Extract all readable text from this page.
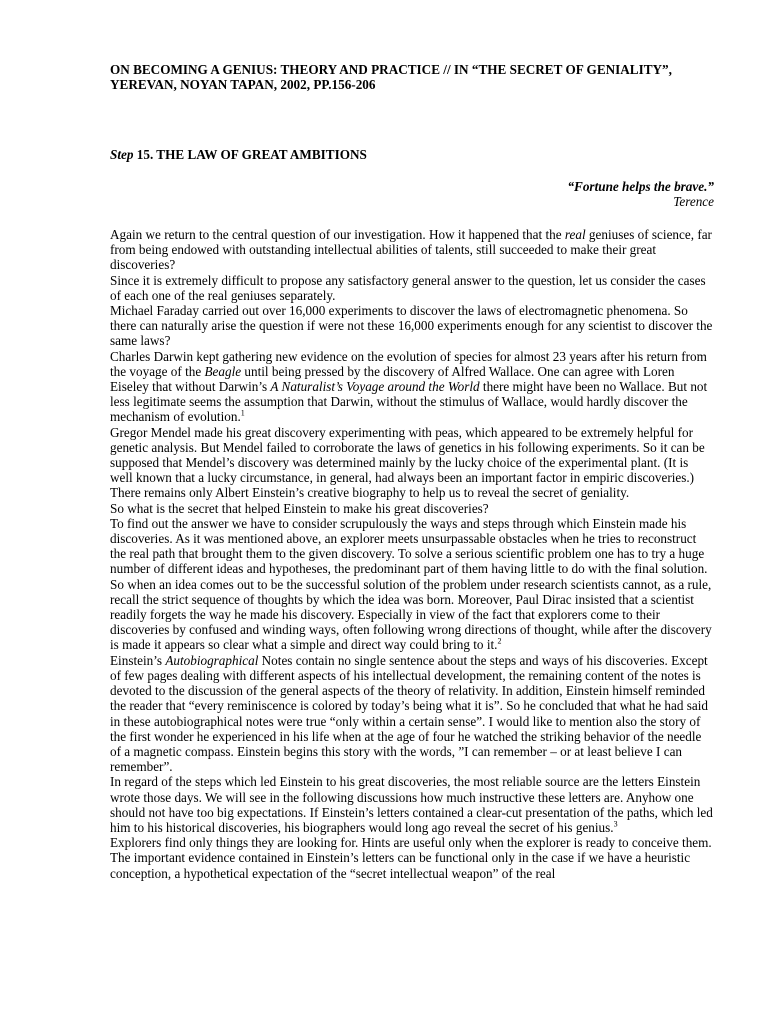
ON BECOMING A GENIUS: THEORY AND PRACTICE // IN “THE SECRET OF GENIALITY”, YEREVAN, NOYAN TAPAN, 2002, PP.156-206
Step 15. THE LAW OF GREAT AMBITIONS
“Fortune helps the brave.”
Terence

Again we return to the central question of our investigation. How it happened that the real geniuses of science, far from being endowed with outstanding intellectual abilities of talents, still succeeded to make their great discoveries?

Since it is extremely difficult to propose any satisfactory general answer to the question, let us consider the cases of each one of the real geniuses separately.

Michael Faraday carried out over 16,000 experiments to discover the laws of electromagnetic phenomena. So there can naturally arise the question if were not these 16,000 experiments enough for any scientist to discover the same laws?

Charles Darwin kept gathering new evidence on the evolution of species for almost 23 years after his return from the voyage of the Beagle until being pressed by the discovery of Alfred Wallace. One can agree with Loren Eiseley that without Darwin’s A Naturalist’s Voyage around the World there might have been no Wallace. But not less legitimate seems the assumption that Darwin, without the stimulus of Wallace, would hardly discover the mechanism of evolution.$^1$

Gregor Mendel made his great discovery experimenting with peas, which appeared to be extremely helpful for genetic analysis. But Mendel failed to corroborate the laws of genetics in his following experiments. So it can be supposed that Mendel’s discovery was determined mainly by the lucky choice of the experimental plant. (It is well known that a lucky circumstance, in general, had always been an important factor in empiric discoveries.)

There remains only Albert Einstein’s creative biography to help us to reveal the secret of geniality.

So what is the secret that helped Einstein to make his great discoveries?

To find out the answer we have to consider scrupulously the ways and steps through which Einstein made his discoveries. As it was mentioned above, an explorer meets unsurpassable obstacles when he tries to reconstruct the real path that brought them to the given discovery. To solve a serious scientific problem one has to try a huge number of different ideas and hypotheses, the predominant part of them having little to do with the final solution. So when an idea comes out to be the successful solution of the problem under research scientists cannot, as a rule, recall the strict sequence of thoughts by which the idea was born. Moreover, Paul Dirac insisted that a scientist readily forgets the way he made his discovery. Especially in view of the fact that explorers come to their discoveries by confused and winding ways, often following wrong directions of thought, while after the discovery is made it appears so clear what a simple and direct way could bring to it.$^2$

Einstein’s Autobiographical Notes contain no single sentence about the steps and ways of his discoveries. Except of few pages dealing with different aspects of his intellectual development, the remaining content of the notes is devoted to the discussion of the general aspects of the theory of relativity. In addition, Einstein himself reminded the reader that “every reminiscence is colored by today’s being what it is”. So he concluded that what he had said in these autobiographical notes were true “only within a certain sense”. I would like to mention also the story of the first wonder he experienced in his life when at the age of four he watched the striking behavior of the needle of a magnetic compass. Einstein begins this story with the words, ”I can remember – or at least believe I can remember”.

In regard of the steps which led Einstein to his great discoveries, the most reliable source are the letters Einstein wrote those days. We will see in the following discussions how much instructive these letters are. Anyhow one should not have too big expectations. If Einstein’s letters contained a clear-cut presentation of the paths, which led him to his historical discoveries, his biographers would long ago reveal the secret of his genius.$^3$

Explorers find only things they are looking for. Hints are useful only when the explorer is ready to conceive them. The important evidence contained in Einstein’s letters can be functional only in the case if we have a heuristic conception, a hypothetical expectation of the “secret intellectual weapon” of the real
